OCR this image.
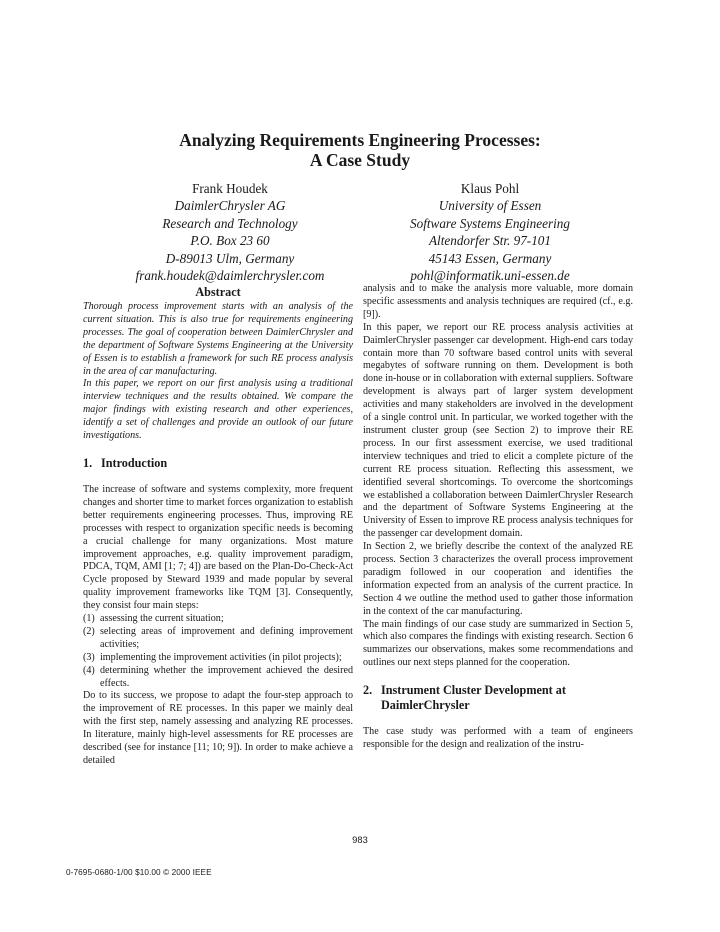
Analyzing Requirements Engineering Processes:
A Case Study
Frank Houdek
DaimlerChrysler AG
Research and Technology
P.O. Box 23 60
D-89013 Ulm, Germany
frank.houdek@daimlerchrysler.com
Klaus Pohl
University of Essen
Software Systems Engineering
Altendorfer Str. 97-101
45143 Essen, Germany
pohl@informatik.uni-essen.de
Abstract

Thorough process improvement starts with an analysis of the current situation. This is also true for requirements engineering processes. The goal of cooperation between DaimlerChrysler and the department of Software Systems Engineering at the University of Essen is to establish a framework for such RE process analysis in the area of car manufacturing.

In this paper, we report on our first analysis using a traditional interview techniques and the results obtained. We compare the major findings with existing research and other experiences, identify a set of challenges and provide an outlook of our future investigations.

1. Introduction

The increase of software and systems complexity, more frequent changes and shorter time to market forces organization to establish better requirements engineering processes. Thus, improving RE processes with respect to organization specific needs is becoming a crucial challenge for many organizations. Most mature improvement approaches, e.g. quality improvement paradigm, PDCA, TQM, AMI [1; 7; 4]) are based on the Plan-Do-Check-Act Cycle proposed by Steward 1939 and made popular by several quality improvement frameworks like TQM [3]. Consequently, they consist four main steps:

(1) assessing the current situation;
(2) selecting areas of improvement and defining improvement activities;
(3) implementing the improvement activities (in pilot projects);
(4) determining whether the improvement achieved the desired effects.

Do to its success, we propose to adapt the four-step approach to the improvement of RE processes. In this paper we mainly deal with the first step, namely assessing and analyzing RE processes. In literature, mainly high-level assessments for RE processes are described (see for instance [11; 10; 9]). In order to make achieve a detailed

analysis and to make the analysis more valuable, more domain specific assessments and analysis techniques are required (cf., e.g. [9]).

In this paper, we report our RE process analysis activities at DaimlerChrysler passenger car development. High-end cars today contain more than 70 software based control units with several megabytes of software running on them. Development is both done in-house or in collaboration with external suppliers. Software development is always part of larger system development activities and many stakeholders are involved in the development of a single control unit. In particular, we worked together with the instrument cluster group (see Section 2) to improve their RE process. In our first assessment exercise, we used traditional interview techniques and tried to elicit a complete picture of the current RE process situation. Reflecting this assessment, we identified several shortcomings. To overcome the shortcomings we established a collaboration between DaimlerChrysler Research and the department of Software Systems Engineering at the University of Essen to improve RE process analysis techniques for the passenger car development domain.

In Section 2, we briefly describe the context of the analyzed RE process. Section 3 characterizes the overall process improvement paradigm followed in our cooperation and identifies the information expected from an analysis of the current practice. In Section 4 we outline the method used to gather those information in the context of the car manufacturing.

The main findings of our case study are summarized in Section 5, which also compares the findings with existing research. Section 6 summarizes our observations, makes some recommendations and outlines our next steps planned for the cooperation.

2. Instrument Cluster Development at
DaimlerChrysler

The case study was performed with a team of engineers responsible for the design and realization of the instru-

983
0-7695-0680-1/00 $10.00 © 2000 IEEE
